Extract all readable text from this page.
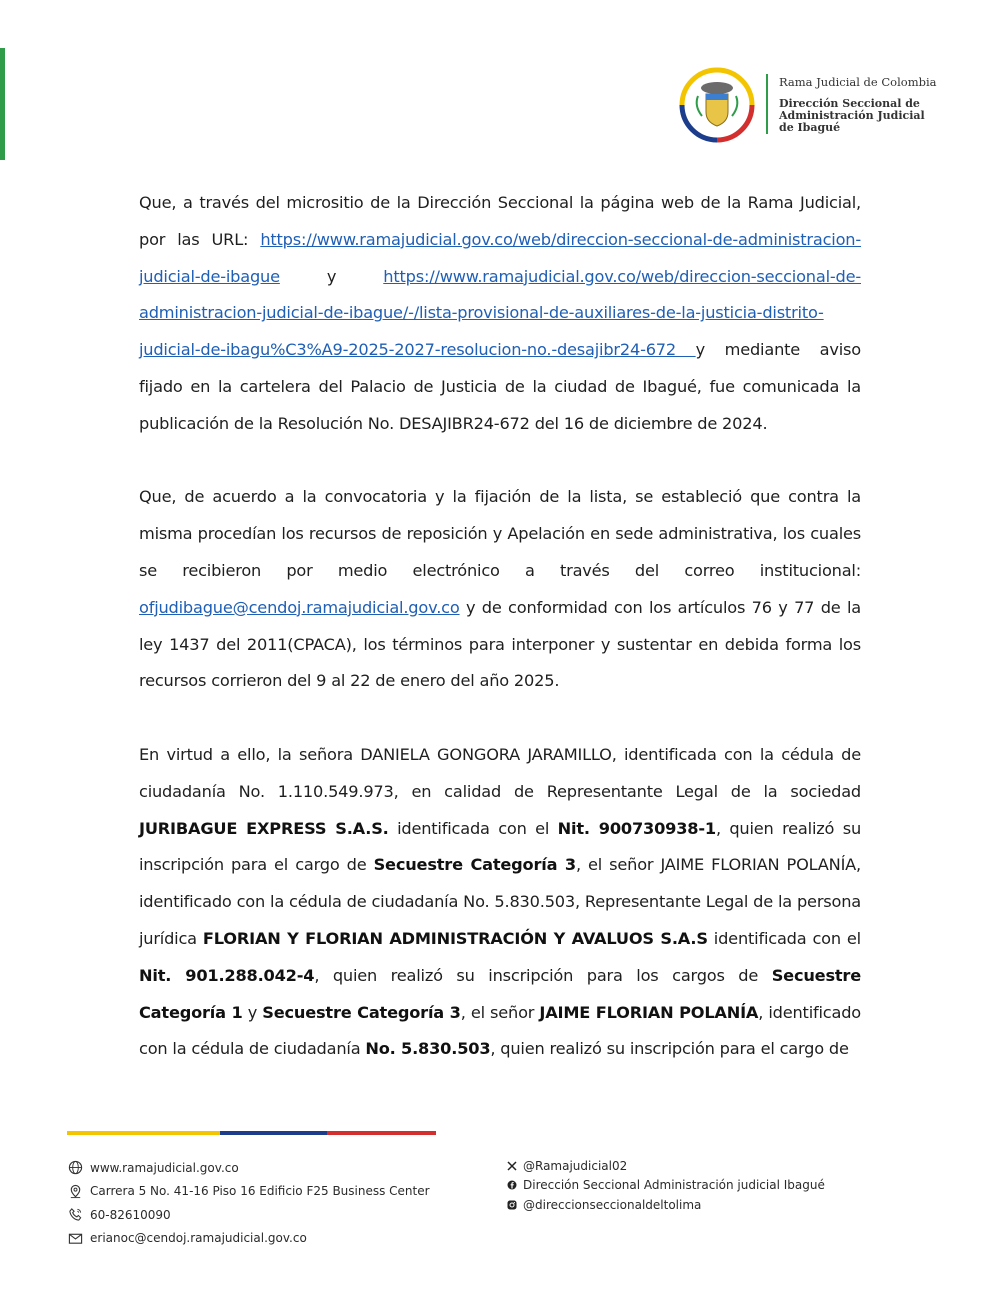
Rama Judicial de Colombia
Dirección Seccional de
Administración Judicial
de Ibagué

Que, a través del micrositio de la Dirección Seccional la página web de la Rama Judicial, por las URL: https://www.ramajudicial.gov.co/web/direccion-seccional-de-administracion-judicial-de-ibague y https://www.ramajudicial.gov.co/web/direccion-seccional-de-administracion-judicial-de-ibague/-/lista-provisional-de-auxiliares-de-la-justicia-distrito-judicial-de-ibagu%C3%A9-2025-2027-resolucion-no.-desajibr24-672 y mediante aviso fijado en la cartelera del Palacio de Justicia de la ciudad de Ibagué, fue comunicada la publicación de la Resolución No. DESAJIBR24-672 del 16 de diciembre de 2024.

Que, de acuerdo a la convocatoria y la fijación de la lista, se estableció que contra la misma procedían los recursos de reposición y Apelación en sede administrativa, los cuales se recibieron por medio electrónico a través del correo institucional: ofjudibague@cendoj.ramajudicial.gov.co y de conformidad con los artículos 76 y 77 de la ley 1437 del 2011(CPACA), los términos para interponer y sustentar en debida forma los recursos corrieron del 9 al 22 de enero del año 2025.

En virtud a ello, la señora DANIELA GONGORA JARAMILLO, identificada con la cédula de ciudadanía No. 1.110.549.973, en calidad de Representante Legal de la sociedad JURIBAGUE EXPRESS S.A.S. identificada con el Nit. 900730938-1, quien realizó su inscripción para el cargo de Secuestre Categoría 3, el señor JAIME FLORIAN POLANÍA, identificado con la cédula de ciudadanía No. 5.830.503, Representante Legal de la persona jurídica FLORIAN Y FLORIAN ADMINISTRACIÓN Y AVALUOS S.A.S identificada con el Nit. 901.288.042-4, quien realizó su inscripción para los cargos de Secuestre Categoría 1 y Secuestre Categoría 3, el señor JAIME FLORIAN POLANÍA, identificado con la cédula de ciudadanía No. 5.830.503, quien realizó su inscripción para el cargo de

www.ramajudicial.gov.co
Carrera 5 No. 41-16 Piso 16 Edificio F25 Business Center
60-82610090
erianoc@cendoj.ramajudicial.gov.co
@Ramajudicial02
Dirección Seccional Administración judicial Ibagué
@direccionseccionaldeltolima
